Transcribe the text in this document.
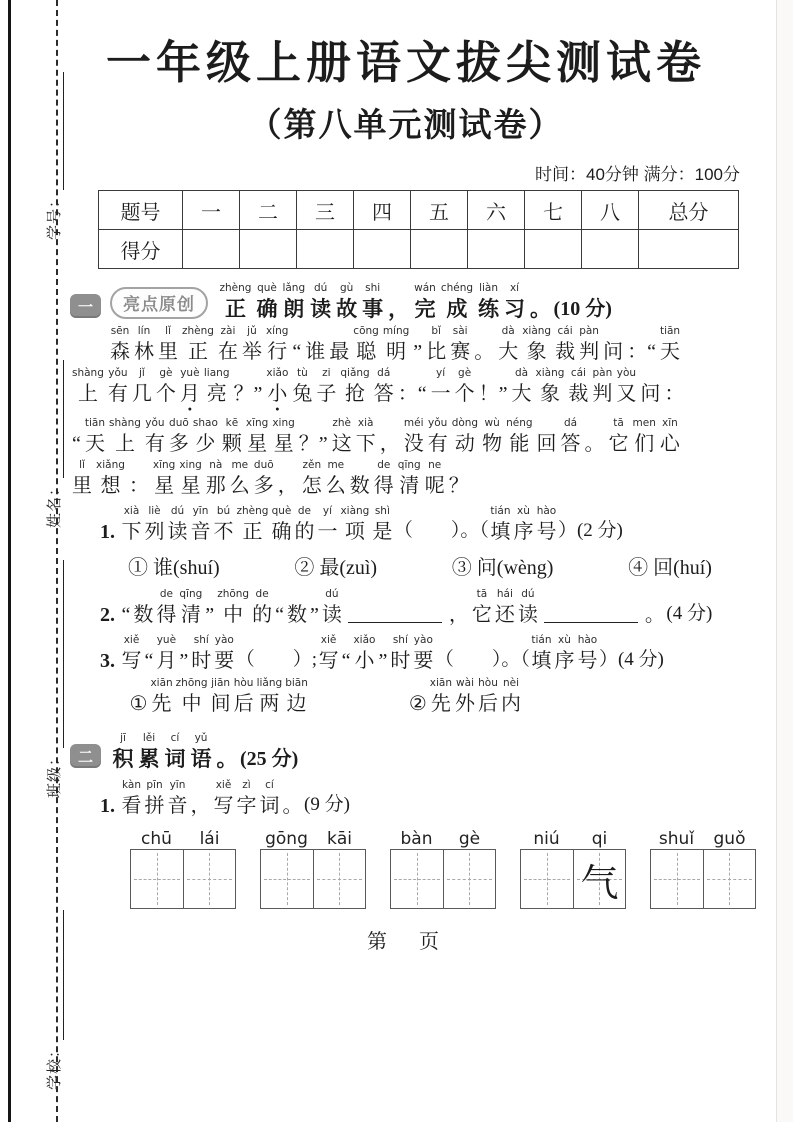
学号：
姓名：
班级：
学校：
一年级上册语文拔尖测试卷
（第八单元测试卷）
时间：40分钟 满分：100分
题号	一	二	三	四	五	六	七	八	总分
得分									
一	亮点原创
zhèng
正
què
确
lǎng
朗
dú
读
gù
故
shi
事 ，
wán
完
chéng
成
liàn
练
xí
习 。 (10 分)
sēn
森
lín
林
lǐ
里
zhèng
正
zài
在
jǔ
举
xíng
行 “ 谁 最
cōng
聪
míng
明 ”
bǐ
比
sài
赛 。
dà
大
xiàng
象
cái
裁
pàn
判 问 ：“
tiān
天
shàng
上
yǒu
有
jǐ
几
gè
个
yuè
月
●
liang
亮 ？”
xiǎo
小
●
tù
兔
zi
子
qiǎng
抢
dá
答 ：“
yí
一
gè
个 ！”
dà
大
xiàng
象
cái
裁
pàn
判
yòu
又 问 ：
“
tiān
天
shàng
上
yǒu
有
duō
多
shao
少
kē
颗
xīng
星
xing
星 ？”
zhè
这
xià
下 ，
méi
没
yǒu
有
dòng
动
wù
物
néng
能 回
dá
答 。
tā
它
men
们
xīn
心
lǐ
里
xiǎng
想 ：
xīng
星
xing
星
nà
那
me
么
duō
多 ，
zěn
怎
me
么 数
de
得
qīng
清
ne
呢 ？
1.
xià
下
liè
列
dú
读
yīn
音
bú
不
zhèng
正
què
确
de
的
yí
一
xiàng
项
shì
是 （　　）。（
tián
填
xù
序
hào
号 ）(2 分)
① 谁(shuí)	② 最(zuì)	③ 问(wèng)	④ 回(huí)
2. “ 数
de
得
qīng
清 ”
zhōng
中
de
的 “ 数 ”
dú
读	，
tā
它
hái
还
dú
读	。 (4 分)
3.
xiě
写 “
yuè
月 ”
shí
时
yào
要 （　　）;
xiě
写 “
xiǎo
小 ”
shí
时
yào
要 （　　）。（
tián
填
xù
序
hào
号 ）(4 分)
①
xiān
先
zhōng
中
jiān
间
hòu
后
liǎng
两
biān
边	②
xiān
先
wài
外
hòu
后
nèi
内
二
jī
积
lěi
累
cí
词
yǔ
语 。 (25 分)
1.
kàn
看
pīn
拼
yīn
音 ，
xiě
写
zì
字
cí
词 。 (9 分)
chū	lái	gōng	kāi	bàn	gè	niú	qi
气
shuǐ	guǒ
第　页
